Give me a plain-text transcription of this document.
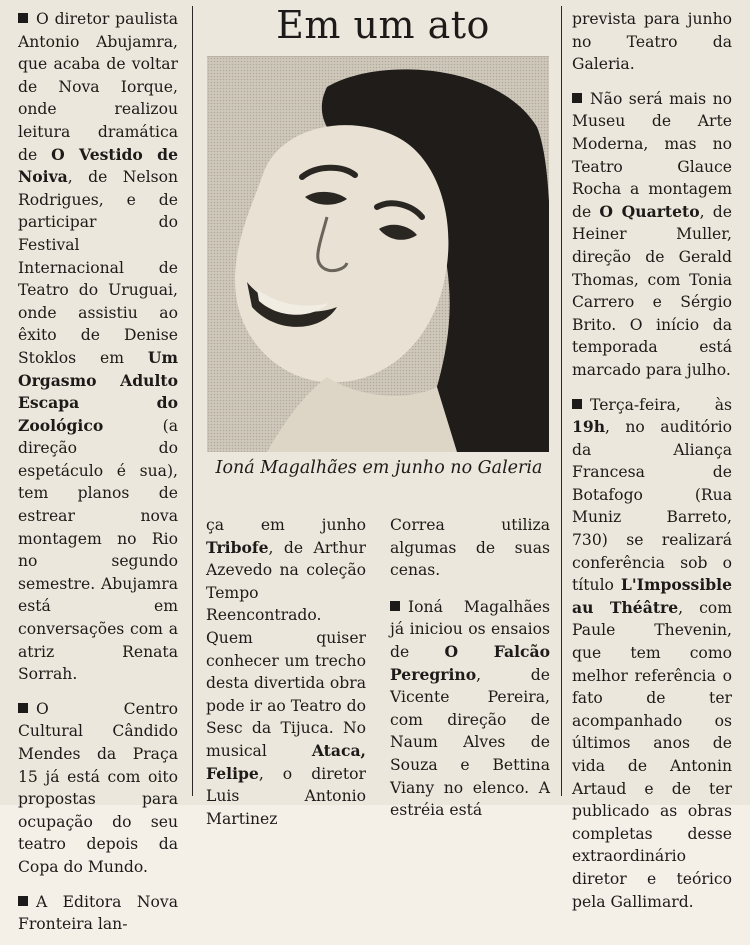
O diretor paulista Antonio Abujamra, que acaba de voltar de Nova Iorque, onde realizou leitura dramática de O Vestido de Noiva, de Nelson Rodrigues, e de participar do Festival Internacional de Teatro do Uruguai, onde assistiu ao êxito de Denise Stoklos em Um Orgasmo Adulto Escapa do Zoológico (a direção do espetáculo é sua), tem planos de estrear nova montagem no Rio no segundo semestre. Abujamra está em conversações com a atriz Renata Sorrah.

O Centro Cultural Cândido Mendes da Praça 15 já está com oito propostas para ocupação do seu teatro depois da Copa do Mundo.

A Editora Nova Fronteira lan-

Em um ato
Ioná Magalhães em junho no Galeria

ça em junho Tribofe, de Arthur Azevedo na coleção Tempo Reencontrado. Quem quiser conhecer um trecho desta divertida obra pode ir ao Teatro do Sesc da Tijuca. No musical Ataca, Felipe, o diretor Luis Antonio Martinez

Correa utiliza algumas de suas cenas.

Ioná Magalhães já iniciou os ensaios de O Falcão Peregrino, de Vicente Pereira, com direção de Naum Alves de Souza e Bettina Viany no elenco. A estréia está

prevista para junho no Teatro da Galeria.

Não será mais no Museu de Arte Moderna, mas no Teatro Glauce Rocha a montagem de O Quarteto, de Heiner Muller, direção de Gerald Thomas, com Tonia Carrero e Sérgio Brito. O início da temporada está marcado para julho.

Terça-feira, às 19h, no auditório da Aliança Francesa de Botafogo (Rua Muniz Barreto, 730) se realizará conferência sob o título L'Impossible au Théâtre, com Paule Thevenin, que tem como melhor referência o fato de ter acompanhado os últimos anos de vida de Antonin Artaud e de ter publicado as obras completas desse extraordinário diretor e teórico pela Gallimard.
